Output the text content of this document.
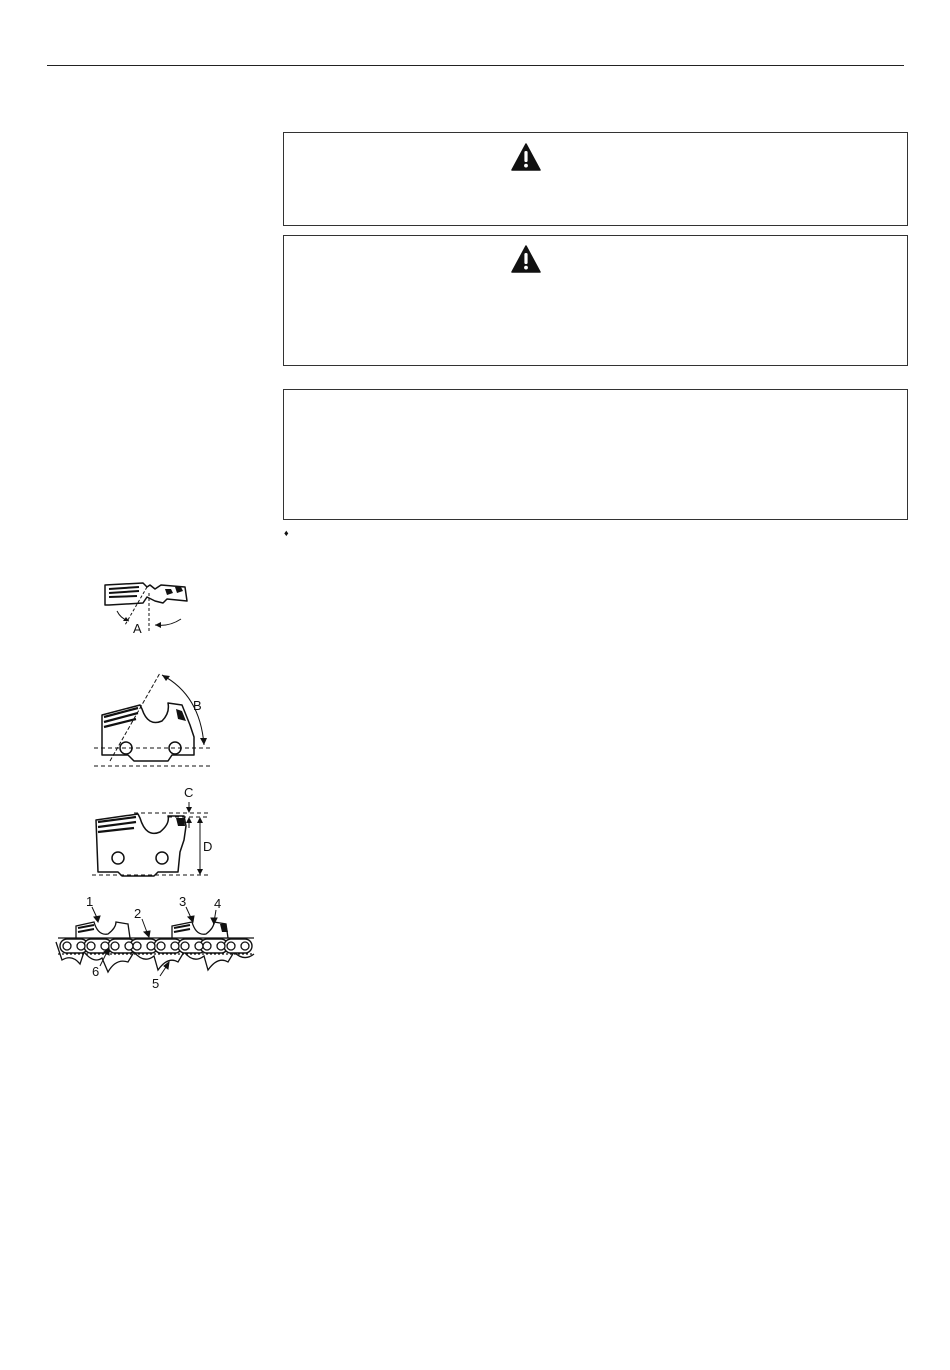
♦
A
B
C
D
1
2
3 4
5
6
